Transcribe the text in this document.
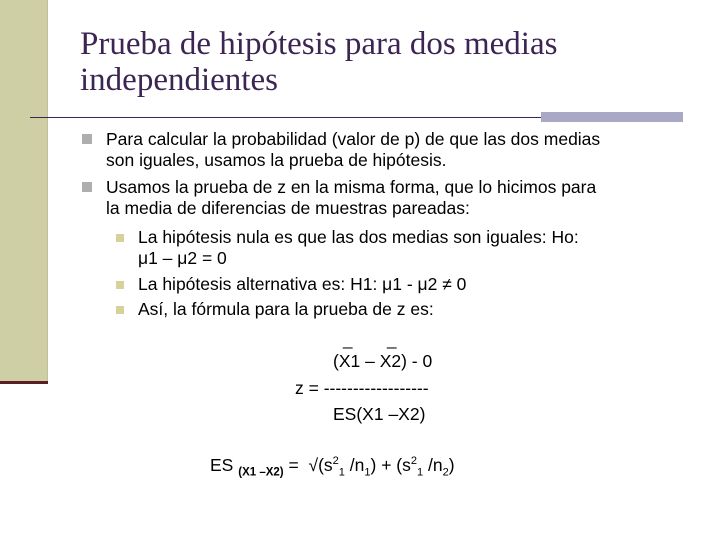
Prueba de hipótesis para dos medias
independientes
Para calcular la probabilidad (valor de p) de que las dos medias
son iguales, usamos la prueba de hipótesis.
Usamos la prueba de z en la misma forma, que lo hicimos para
la media de diferencias de muestras pareadas:
La hipótesis nula es que las dos medias son iguales: Ho:
μ1 – μ2 = 0
La hipótesis alternativa es: H1: μ1 - μ2 ≠ 0
Así, la fórmula para la prueba de z es:
_ _
(X1 – X2) - 0
z = ------------------
ES(X1 –X2)
ES $_{(X1 -X2)} = √(s^2_1$ $/n_1) + (s^2_1$ $/n_2$)
